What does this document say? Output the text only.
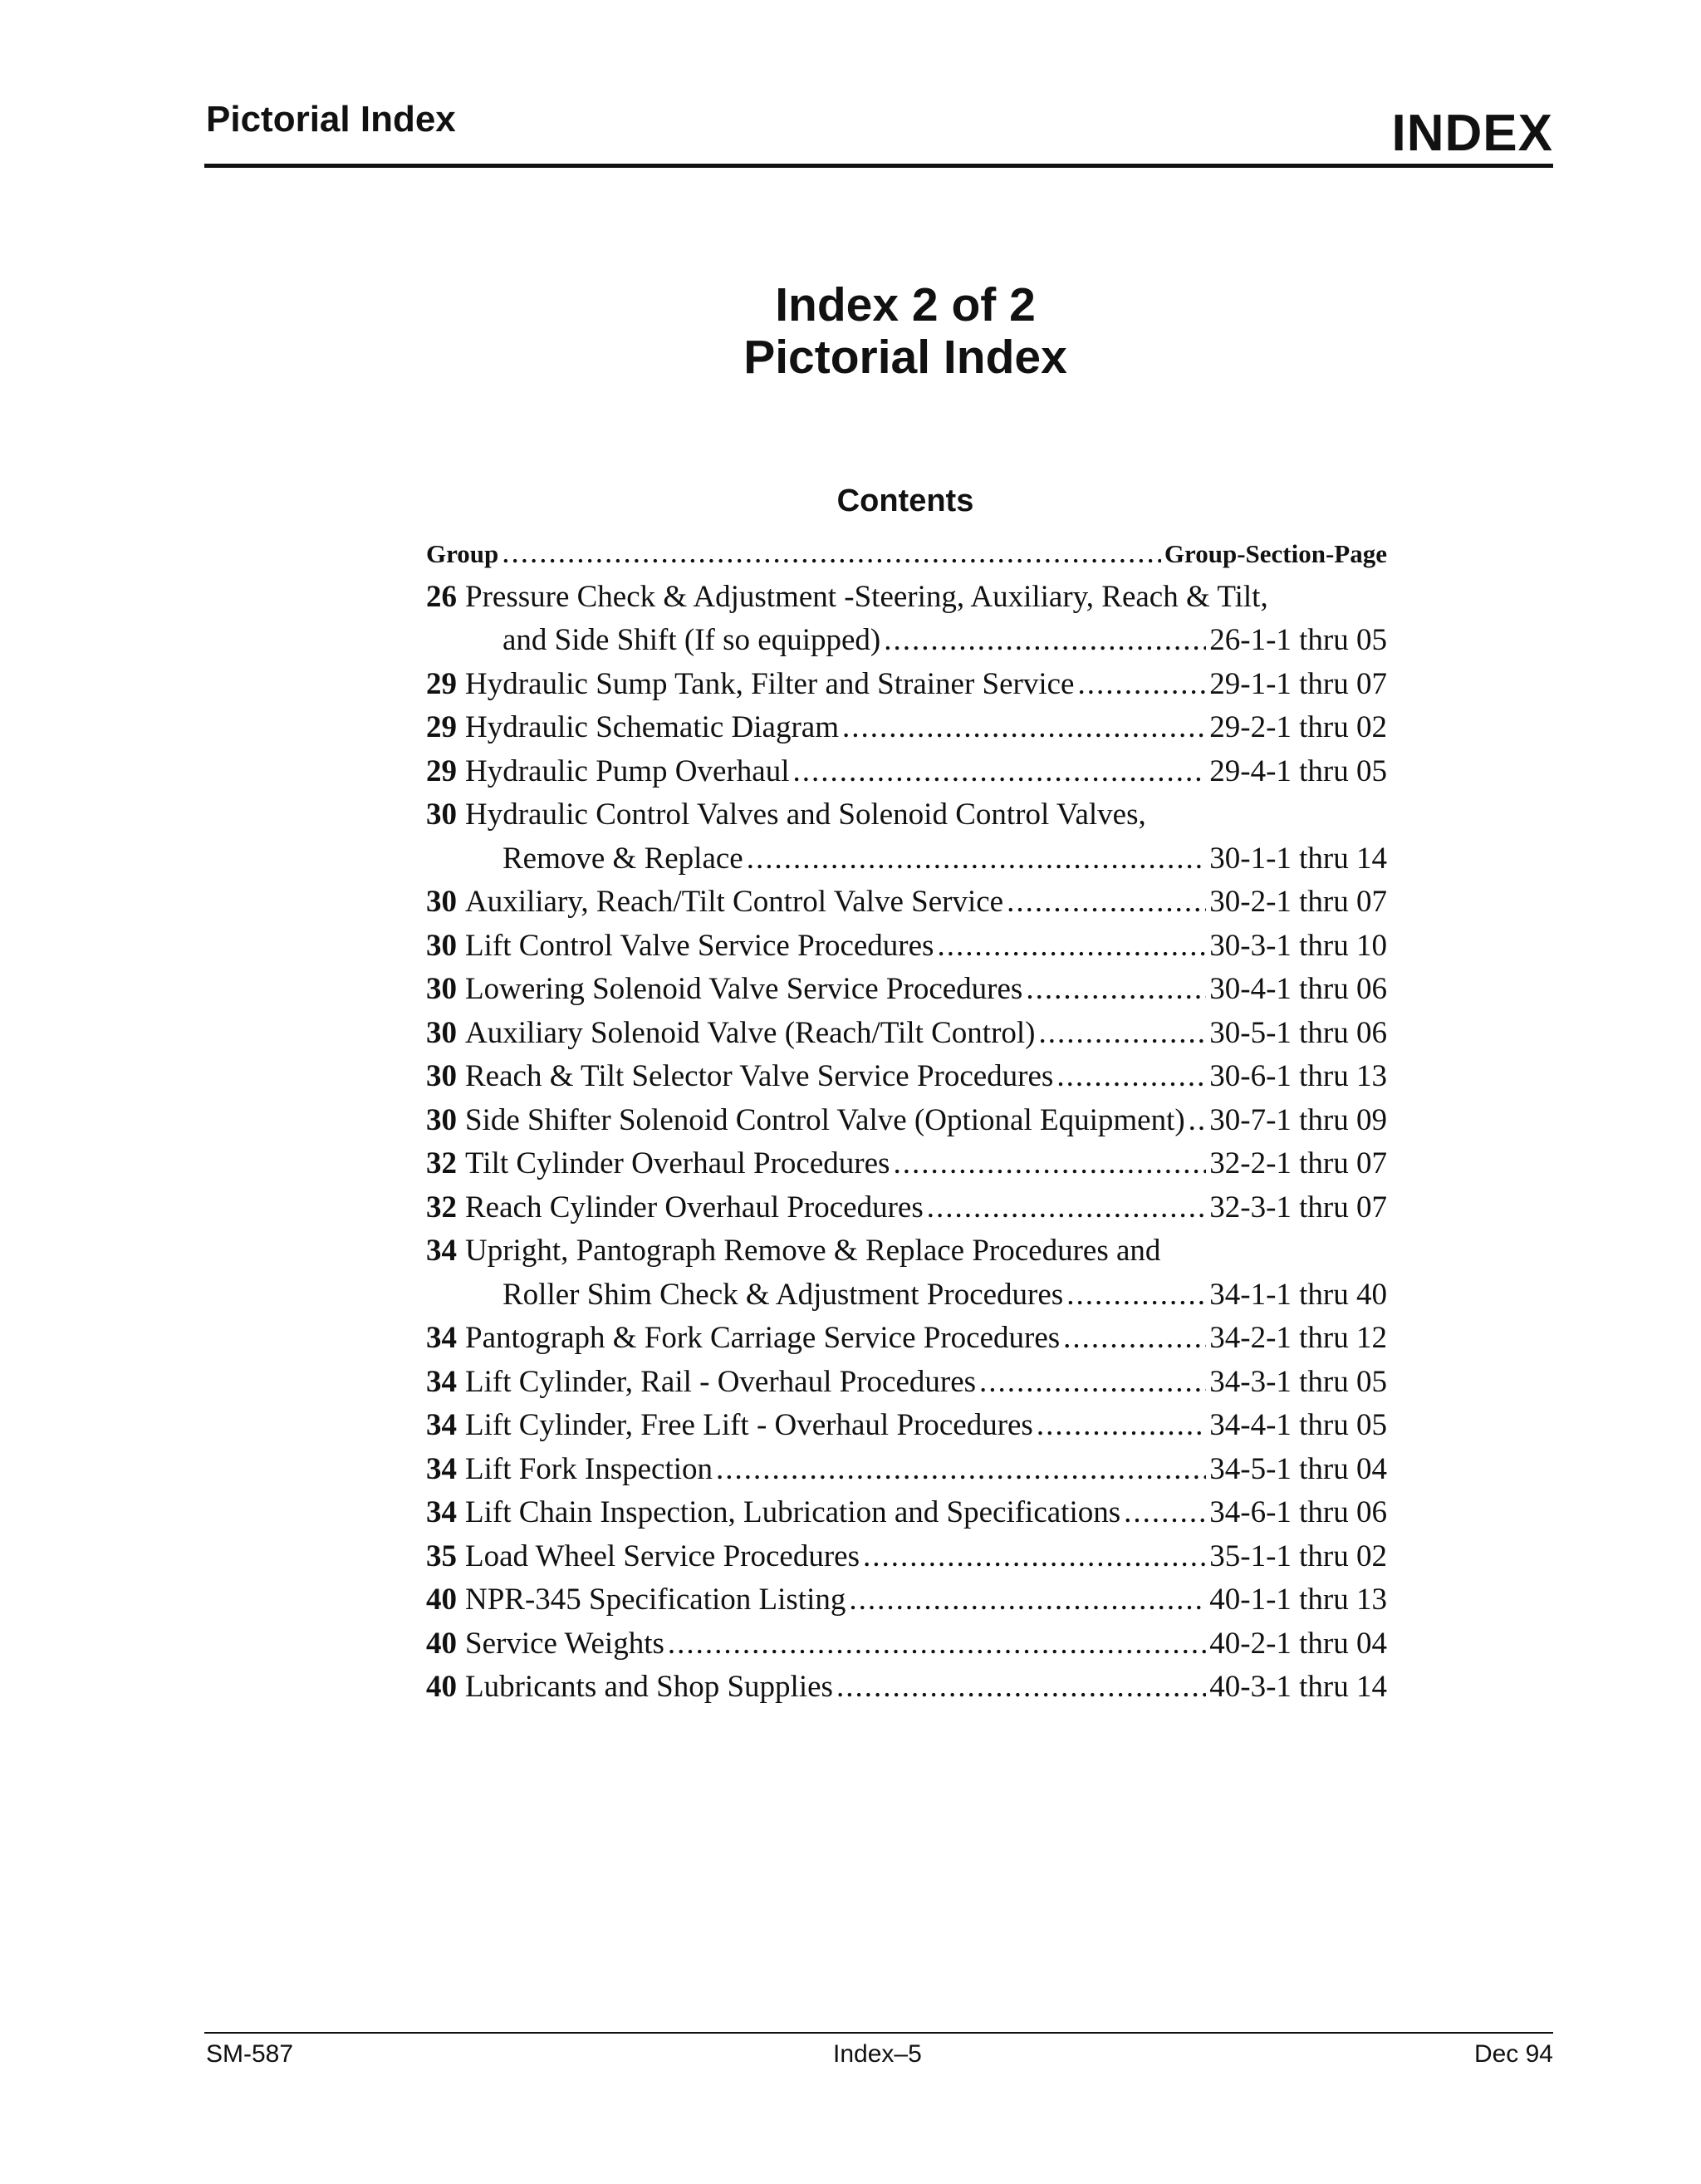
Pictorial Index	INDEX
Index 2 of 2
Pictorial Index
Contents
Group .....	Group-Section-Page
26 Pressure Check & Adjustment -Steering, Auxiliary, Reach & Tilt,
and Side Shift (If so equipped) .....	26-1-1 thru 05
29 Hydraulic Sump Tank, Filter and Strainer Service .....	29-1-1 thru 07
29 Hydraulic Schematic Diagram .....	29-2-1 thru 02
29 Hydraulic Pump Overhaul .....	29-4-1 thru 05
30 Hydraulic Control Valves and Solenoid Control Valves,
Remove & Replace .....	30-1-1 thru 14
30 Auxiliary, Reach/Tilt Control Valve Service .....	30-2-1 thru 07
30 Lift Control Valve Service Procedures .....	30-3-1 thru 10
30 Lowering Solenoid Valve Service Procedures .....	30-4-1 thru 06
30 Auxiliary Solenoid Valve (Reach/Tilt Control) .....	30-5-1 thru 06
30 Reach & Tilt Selector Valve Service Procedures .....	30-6-1 thru 13
30 Side Shifter Solenoid Control Valve (Optional Equipment) ..... 30-7-1 thru 09
32 Tilt Cylinder Overhaul Procedures .....	32-2-1 thru 07
32 Reach Cylinder Overhaul Procedures .....	32-3-1 thru 07
34 Upright, Pantograph Remove & Replace Procedures and
Roller Shim Check & Adjustment Procedures .....	34-1-1 thru 40
34 Pantograph & Fork Carriage Service Procedures .....	34-2-1 thru 12
34 Lift Cylinder, Rail - Overhaul Procedures .....	34-3-1 thru 05
34 Lift Cylinder, Free Lift - Overhaul Procedures .....	34-4-1 thru 05
34 Lift Fork Inspection .....	34-5-1 thru 04
34 Lift Chain Inspection, Lubrication and Specifications .....	34-6-1 thru 06
35 Load Wheel Service Procedures .....	35-1-1 thru 02
40 NPR-345 Specification Listing .....	40-1-1 thru 13
40 Service Weights .....	40-2-1 thru 04
40 Lubricants and Shop Supplies .....	40-3-1 thru 14
SM-587	Index–5	Dec 94
